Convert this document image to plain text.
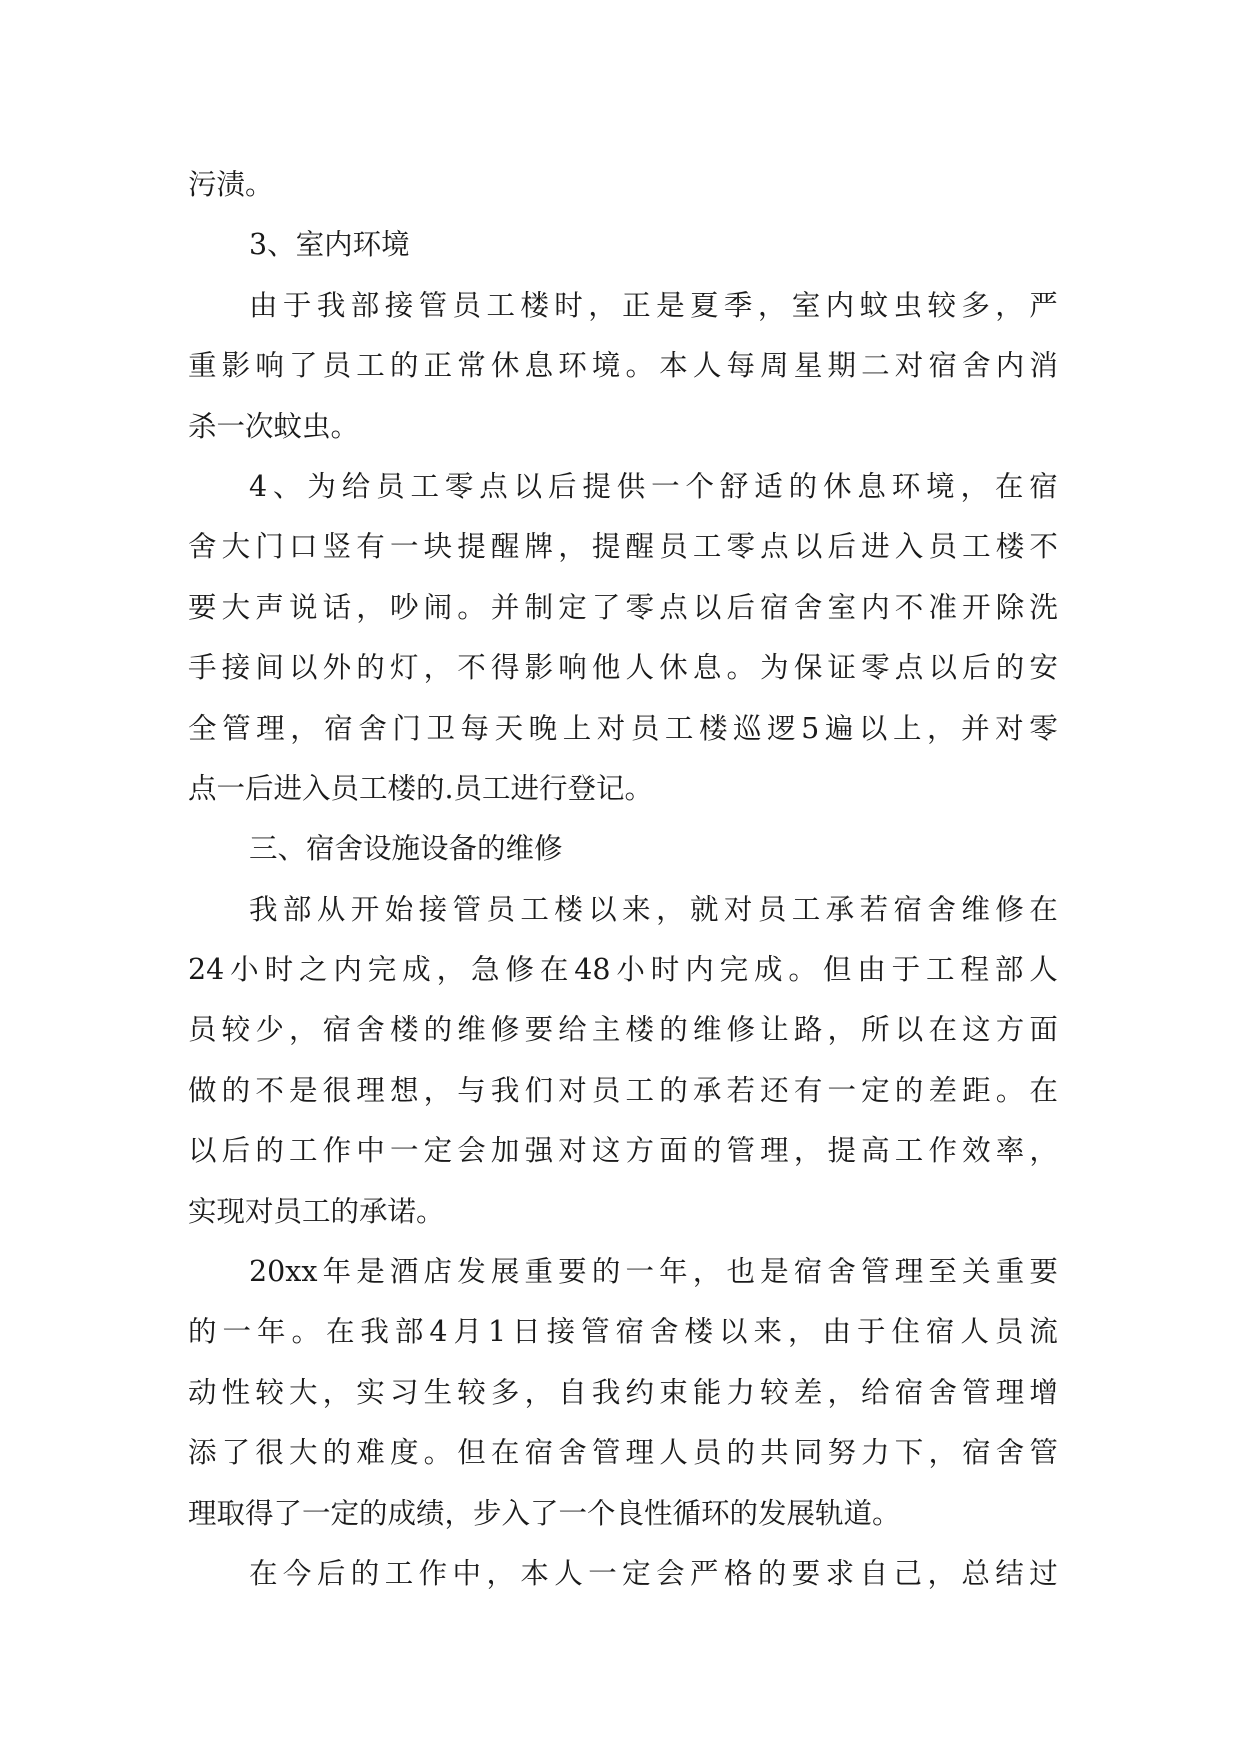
污渍。
3、室内环境
由 于 我 部 接 管 员 工 楼 时 ， 正 是 夏 季 ， 室 内 蚊 虫 较 多 ， 严
重 影 响 了 员 工 的 正 常 休 息 环 境 。 本 人 每 周 星 期 二 对 宿 舍 内 消
杀一次蚊虫。
4 、 为 给 员 工 零 点 以 后 提 供 一 个 舒 适 的 休 息 环 境 ， 在 宿
舍 大 门 口 竖 有 一 块 提 醒 牌 ， 提 醒 员 工 零 点 以 后 进 入 员 工 楼 不
要 大 声 说 话 ， 吵 闹 。 并 制 定 了 零 点 以 后 宿 舍 室 内 不 准 开 除 洗
手 接 间 以 外 的 灯 ， 不 得 影 响 他 人 休 息 。 为 保 证 零 点 以 后 的 安
全 管 理 ， 宿 舍 门 卫 每 天 晚 上 对 员 工 楼 巡 逻 5 遍 以 上 ， 并 对 零
点一后进入员工楼的.员工进行登记。
三、宿舍设施设备的维修
我 部 从 开 始 接 管 员 工 楼 以 来 ， 就 对 员 工 承 若 宿 舍 维 修 在
24 小 时 之 内 完 成 ， 急 修 在 48 小 时 内 完 成 。 但 由 于 工 程 部 人
员 较 少 ， 宿 舍 楼 的 维 修 要 给 主 楼 的 维 修 让 路 ， 所 以 在 这 方 面
做 的 不 是 很 理 想 ， 与 我 们 对 员 工 的 承 若 还 有 一 定 的 差 距 。 在
以 后 的 工 作 中 一 定 会 加 强 对 这 方 面 的 管 理 ， 提 高 工 作 效 率 ，
实现对员工的承诺。
20xx 年 是 酒 店 发 展 重 要 的 一 年 ， 也 是 宿 舍 管 理 至 关 重 要
的 一 年 。 在 我 部 4 月 1 日 接 管 宿 舍 楼 以 来 ， 由 于 住 宿 人 员 流
动 性 较 大 ， 实 习 生 较 多 ， 自 我 约 束 能 力 较 差 ， 给 宿 舍 管 理 增
添 了 很 大 的 难 度 。 但 在 宿 舍 管 理 人 员 的 共 同 努 力 下 ， 宿 舍 管
理取得了一定的成绩，步入了一个良性循环的发展轨道。
在 今 后 的 工 作 中 ， 本 人 一 定 会 严 格 的 要 求 自 己 ， 总 结 过
